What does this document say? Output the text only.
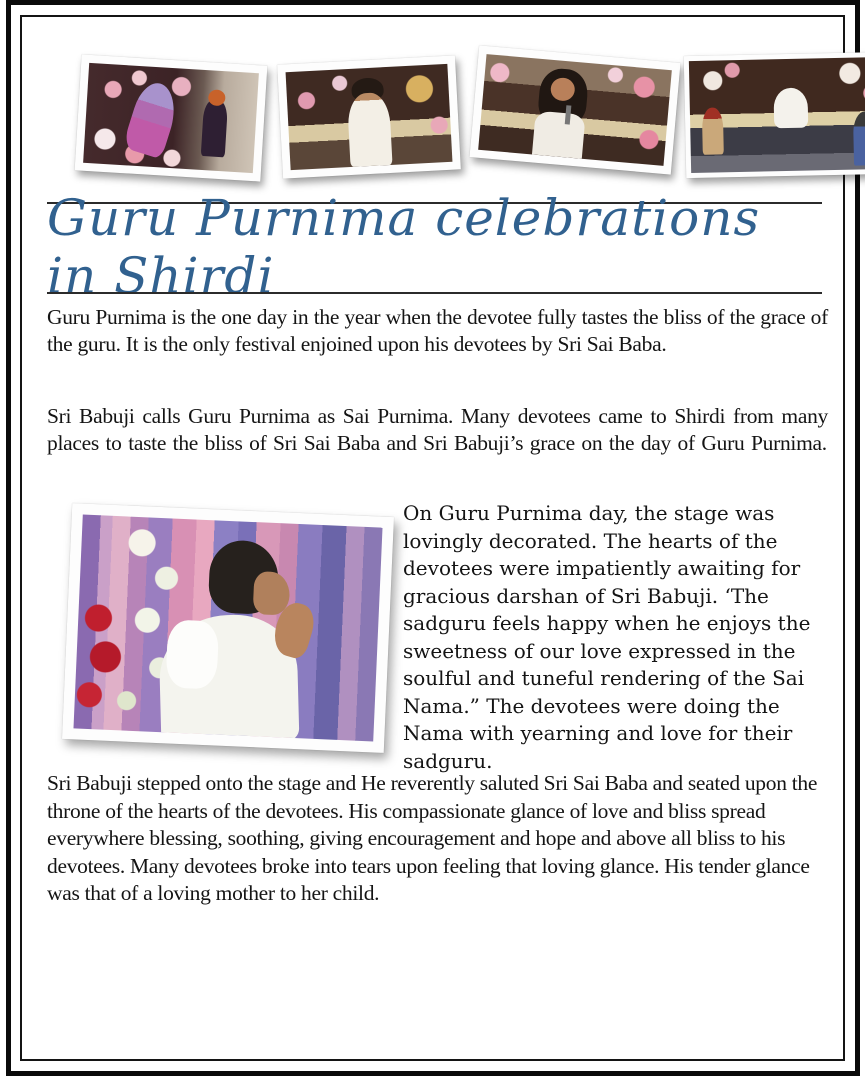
Guru Purnima celebrations in Shirdi

Guru Purnima is the one day in the year when the devotee fully tastes the bliss of the grace of the guru. It is the only festival enjoined upon his devotees by Sri Sai Baba.

Sri Babuji calls Guru Purnima as Sai Purnima. Many devotees came to Shirdi from many places to taste the bliss of Sri Sai Baba and Sri Babuji’s grace on the day of Guru Purnima.

On Guru Purnima day, the stage was lovingly decorated. The hearts of the devotees were impatiently awaiting for gracious darshan of Sri Babuji. ‘The sadguru feels happy when he enjoys the sweetness of our love expressed in the soulful and tuneful rendering of the Sai Nama.” The devotees were doing the Nama with yearning and love for their sadguru.

Sri Babuji stepped onto the stage and He reverently saluted Sri Sai Baba and seated upon the throne of the hearts of the devotees. His compassionate glance of love and bliss spread everywhere blessing, soothing, giving encouragement and hope and above all bliss to his devotees. Many devotees broke into tears upon feeling that loving glance. His tender glance was that of a loving mother to her child.
